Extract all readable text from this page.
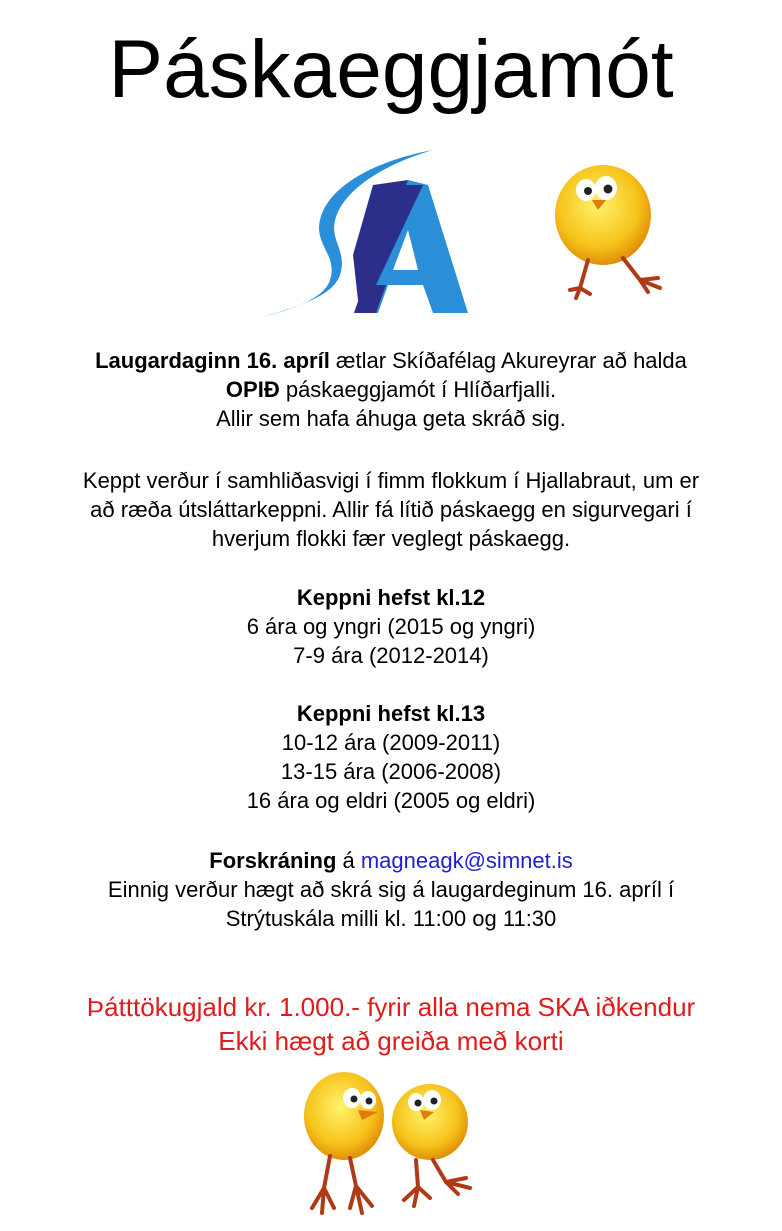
Páskaeggjamót
Laugardaginn 16. apríl ætlar Skíðafélag Akureyrar að halda
OPIÐ páskaeggjamót í Hlíðarfjalli.
Allir sem hafa áhuga geta skráð sig.
Keppt verður í samhliðasvigi í fimm flokkum í Hjallabraut, um er
að ræða útsláttarkeppni. Allir fá lítið páskaegg en sigurvegari í
hverjum flokki fær veglegt páskaegg.
Keppni hefst kl.12
6 ára og yngri (2015 og yngri)
7-9 ára (2012-2014)
Keppni hefst kl.13
10-12 ára (2009-2011)
13-15 ára (2006-2008)
16 ára og eldri (2005 og eldri)
Forskráning á magneagk@simnet.is
Einnig verður hægt að skrá sig á laugardeginum 16. apríl í
Strýtuskála milli kl. 11:00 og 11:30
Þátttökugjald kr. 1.000.- fyrir alla nema SKA iðkendur
Ekki hægt að greiða með korti
